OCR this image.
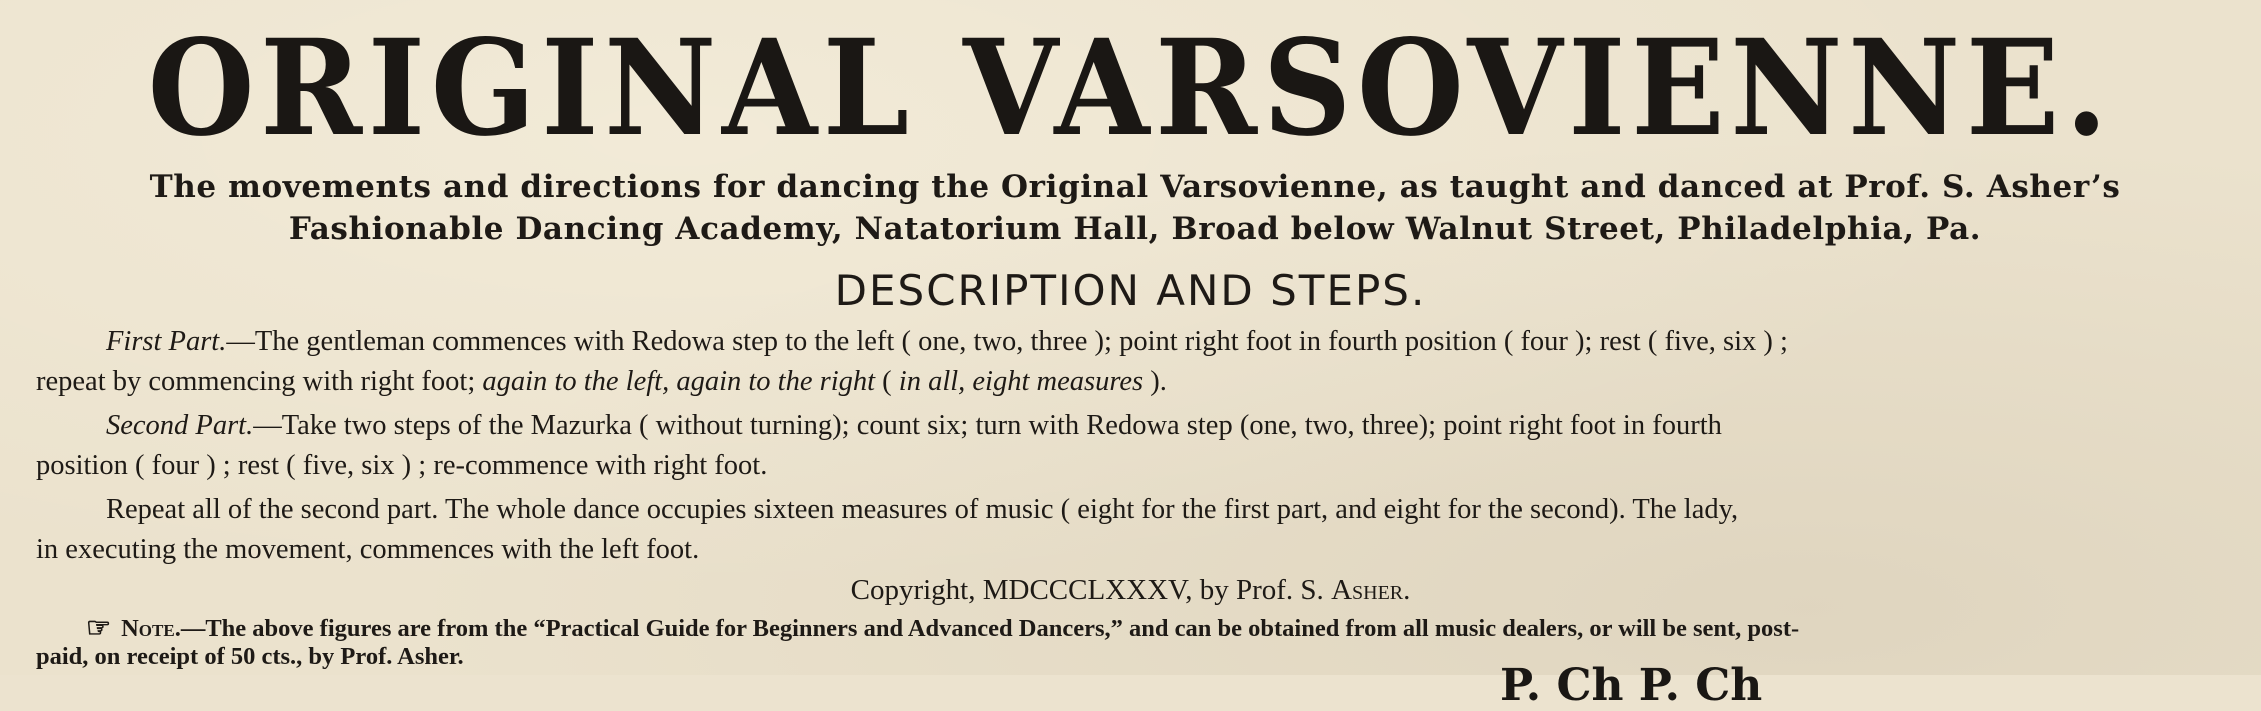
ORIGINAL VARSOVIENNE.
The movements and directions for dancing the Original Varsovienne, as taught and danced at Prof. S. Asher’s
Fashionable Dancing Academy, Natatorium Hall, Broad below Walnut Street, Philadelphia, Pa.
DESCRIPTION AND STEPS.
First Part.—The gentleman commences with Redowa step to the left ( one, two, three ); point right foot in fourth position ( four ); rest ( five, six ) ;
repeat by commencing with right foot; again to the left, again to the right ( in all, eight measures ).
Second Part.—Take two steps of the Mazurka ( without turning); count six; turn with Redowa step (one, two, three); point right foot in fourth
position ( four ) ; rest ( five, six ) ; re-commence with right foot.
Repeat all of the second part. The whole dance occupies sixteen measures of music ( eight for the first part, and eight for the second). The lady,
in executing the movement, commences with the left foot.
Copyright, MDCCCLXXXV, by Prof. S. Asher.
☞ Note.—The above figures are from the “Practical Guide for Beginners and Advanced Dancers,” and can be obtained from all music dealers, or will be sent, post-
paid, on receipt of 50 cts., by Prof. Asher.
P. Ch P. Ch
